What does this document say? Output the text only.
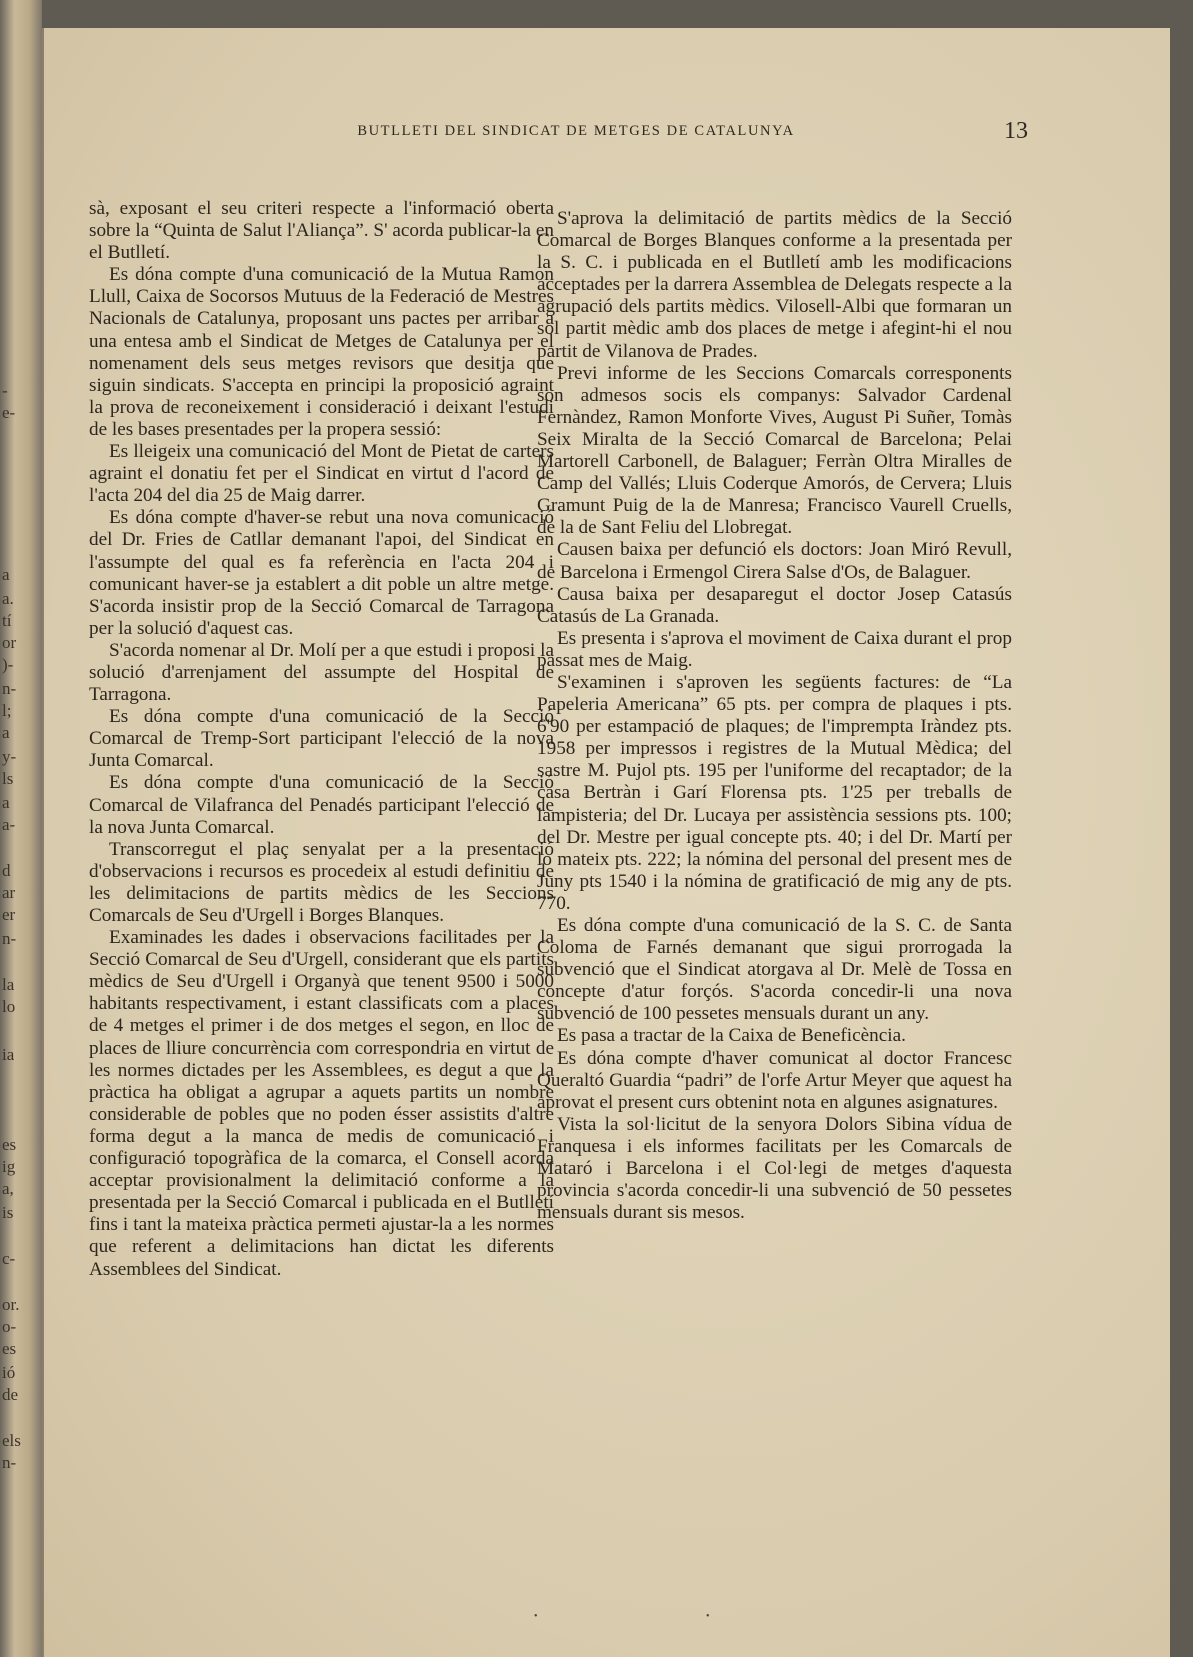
-
e-
a
a.
tí
or
)-
n-
l;
a
y-
ls
a
a-
d
ar
er
n-
la
lo
ia
es
ig
a,
is
c-
or.
o-
es
ió
de
els
n-
BUTLLETI DEL SINDICAT DE METGES DE CATALUNYA	13

sà, exposant el seu criteri respecte a l'informació oberta sobre la “Quinta de Salut l'Aliança”. S' acorda publicar-la en el Butlletí.

Es dóna compte d'una comunicació de la Mutua Ramon Llull, Caixa de Socorsos Mutuus de la Federació de Mestres Nacionals de Catalunya, proposant uns pactes per arribar a una entesa amb el Sindicat de Metges de Catalunya per el nomenament dels seus metges revisors que desitja que siguin sindicats. S'accepta en principi la proposició agraint la prova de reconeixement i consideració i deixant l'estudi de les bases presentades per la propera sessió:

Es lleigeix una comunicació del Mont de Pietat de carters agraint el donatiu fet per el Sindicat en virtut d l'acord de l'acta 204 del dia 25 de Maig darrer.

Es dóna compte d'haver-se rebut una nova comunicació del Dr. Fries de Catllar demanant l'apoi, del Sindicat en l'assumpte del qual es fa referència en l'acta 204 i comunicant haver-se ja establert a dit poble un altre metge. S'acorda insistir prop de la Secció Comarcal de Tarragona per la solució d'aquest cas.

S'acorda nomenar al Dr. Molí per a que estudi i proposi la solució d'arrenjament del assumpte del Hospital de Tarragona.

Es dóna compte d'una comunicació de la Secció Comarcal de Tremp-Sort participant l'elecció de la nova Junta Comarcal.

Es dóna compte d'una comunicació de la Secció Comarcal de Vilafranca del Penadés participant l'elecció de la nova Junta Comarcal.

Transcorregut el plaç senyalat per a la presentació d'observacions i recursos es procedeix al estudi definitiu de les delimitacions de partits mèdics de les Seccions Comarcals de Seu d'Urgell i Borges Blanques.

Examinades les dades i observacions facilitades per la Secció Comarcal de Seu d'Urgell, considerant que els partits mèdics de Seu d'Urgell i Organyà que tenent 9500 i 5000 habitants respectivament, i estant classificats com a places de 4 metges el primer i de dos metges el segon, en lloc de places de lliure concurrència com correspondria en virtut de les normes dictades per les Assemblees, es degut a que la pràctica ha obligat a agrupar a aquets partits un nombre considerable de pobles que no poden ésser assistits d'altre forma degut a la manca de medis de comunicació i configuració topogràfica de la comarca, el Consell acorda acceptar provisionalment la delimitació conforme a la presentada per la Secció Comarcal i publicada en el Butlletí fins i tant la mateixa pràctica permeti ajustar-la a les normes que referent a delimitacions han dictat les diferents Assemblees del Sindicat.

S'aprova la delimitació de partits mèdics de la Secció Comarcal de Borges Blanques conforme a la presentada per la S. C. i publicada en el Butlletí amb les modificacions acceptades per la darrera Assemblea de Delegats respecte a la agrupació dels partits mèdics. Vilosell-Albi que formaran un sol partit mèdic amb dos places de metge i afegint-hi el nou partit de Vilanova de Prades.

Previ informe de les Seccions Comarcals corresponents son admesos socis els companys: Salvador Cardenal Fernàndez, Ramon Monforte Vives, August Pi Suñer, Tomàs Seix Miralta de la Secció Comarcal de Barcelona; Pelai Martorell Carbonell, de Balaguer; Ferràn Oltra Miralles de Camp del Vallés; Lluis Coderque Amorós, de Cervera; Lluis Gramunt Puig de la de Manresa; Francisco Vaurell Cruells, de la de Sant Feliu del Llobregat.

Causen baixa per defunció els doctors: Joan Miró Revull, de Barcelona i Ermengol Cirera Salse d'Os, de Balaguer.

Causa baixa per desaparegut el doctor Josep Catasús Catasús de La Granada.

Es presenta i s'aprova el moviment de Caixa durant el prop passat mes de Maig.

S'examinen i s'aproven les següents factures: de “La Papeleria Americana” 65 pts. per compra de plaques i pts. 6'90 per estampació de plaques; de l'imprempta Iràndez pts. 1958 per impressos i registres de la Mutual Mèdica; del sastre M. Pujol pts. 195 per l'uniforme del recaptador; de la casa Bertràn i Garí Florensa pts. 1'25 per treballs de lampisteria; del Dr. Lucaya per assistència sessions pts. 100; del Dr. Mestre per igual concepte pts. 40; i del Dr. Martí per lo mateix pts. 222; la nómina del personal del present mes de Juny pts 1540 i la nómina de gratificació de mig any de pts. 770.

Es dóna compte d'una comunicació de la S. C. de Santa Coloma de Farnés demanant que sigui prorrogada la subvenció que el Sindicat atorgava al Dr. Melè de Tossa en concepte d'atur forçós. S'acorda concedir-li una nova subvenció de 100 pessetes mensuals durant un any.

Es pasa a tractar de la Caixa de Beneficència.

Es dóna compte d'haver comunicat al doctor Francesc Queraltó Guardia “padri” de l'orfe Artur Meyer que aquest ha aprovat el present curs obtenint nota en algunes asignatures.

Vista la sol·licitut de la senyora Dolors Sibina vídua de Franquesa i els informes facilitats per les Comarcals de Mataró i Barcelona i el Col·legi de metges d'aquesta provincia s'acorda concedir-li una subvenció de 50 pessetes mensuals durant sis mesos.

•	•
